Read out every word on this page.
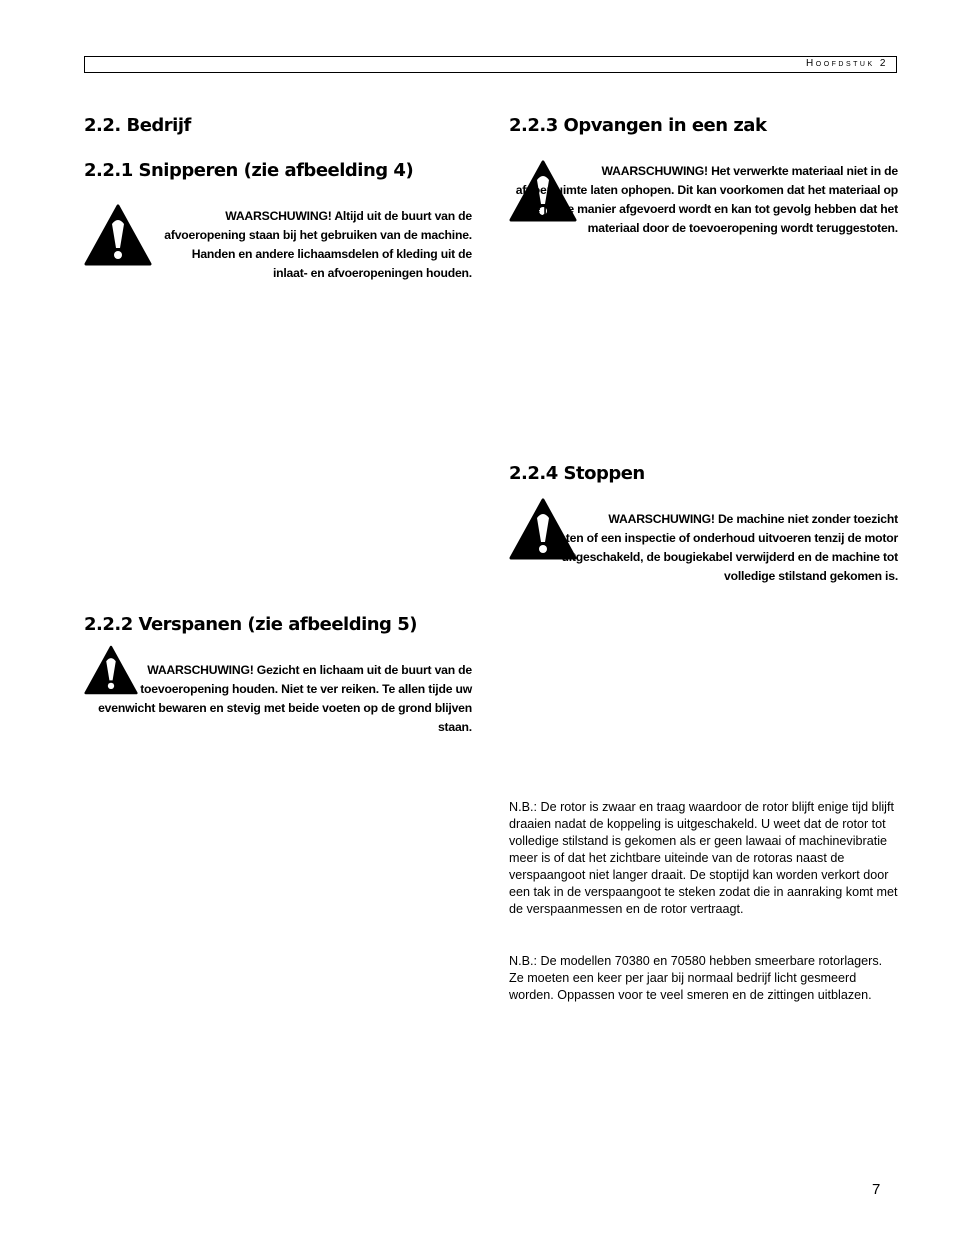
Hoofdstuk 2
2.2. Bedrijf
2.2.1 Snipperen (zie afbeelding 4)
WAARSCHUWING! Altijd uit de buurt van de afvoeropening staan bij het gebruiken van de machine. Handen en andere lichaamsdelen of kleding uit de inlaat- en afvoeropeningen houden.
2.2.2 Verspanen (zie afbeelding 5)
WAARSCHUWING! Gezicht en lichaam uit de buurt van de toevoeropening houden. Niet te ver reiken. Te allen tijde uw evenwicht bewaren en stevig met beide voeten op de grond blijven staan.
2.2.3 Opvangen in een zak
WAARSCHUWING! Het verwerkte materiaal niet in de afvoerruimte laten ophopen. Dit kan voorkomen dat het materiaal op de juiste manier afgevoerd wordt en kan tot gevolg hebben dat het materiaal door de toevoeropening wordt teruggestoten.
2.2.4 Stoppen
WAARSCHUWING! De machine niet zonder toezicht laten of een inspectie of onderhoud uitvoeren tenzij de motor uitgeschakeld, de bougiekabel verwijderd en de machine tot volledige stilstand gekomen is.
N.B.: De rotor is zwaar en traag waardoor de rotor blijft enige tijd blijft draaien nadat de koppeling is uitgeschakeld. U weet dat de rotor tot volledige stilstand is gekomen als er geen lawaai of machinevibratie meer is of dat het zichtbare uiteinde van de rotoras naast de verspaangoot niet langer draait. De stoptijd kan worden verkort door een tak in de verspaangoot te steken zodat die in aanraking komt met de verspaanmessen en de rotor vertraagt.
N.B.: De modellen 70380 en 70580 hebben smeerbare rotorlagers. Ze moeten een keer per jaar bij normaal bedrijf licht gesmeerd worden. Oppassen voor te veel smeren en de zittingen uitblazen.
7
